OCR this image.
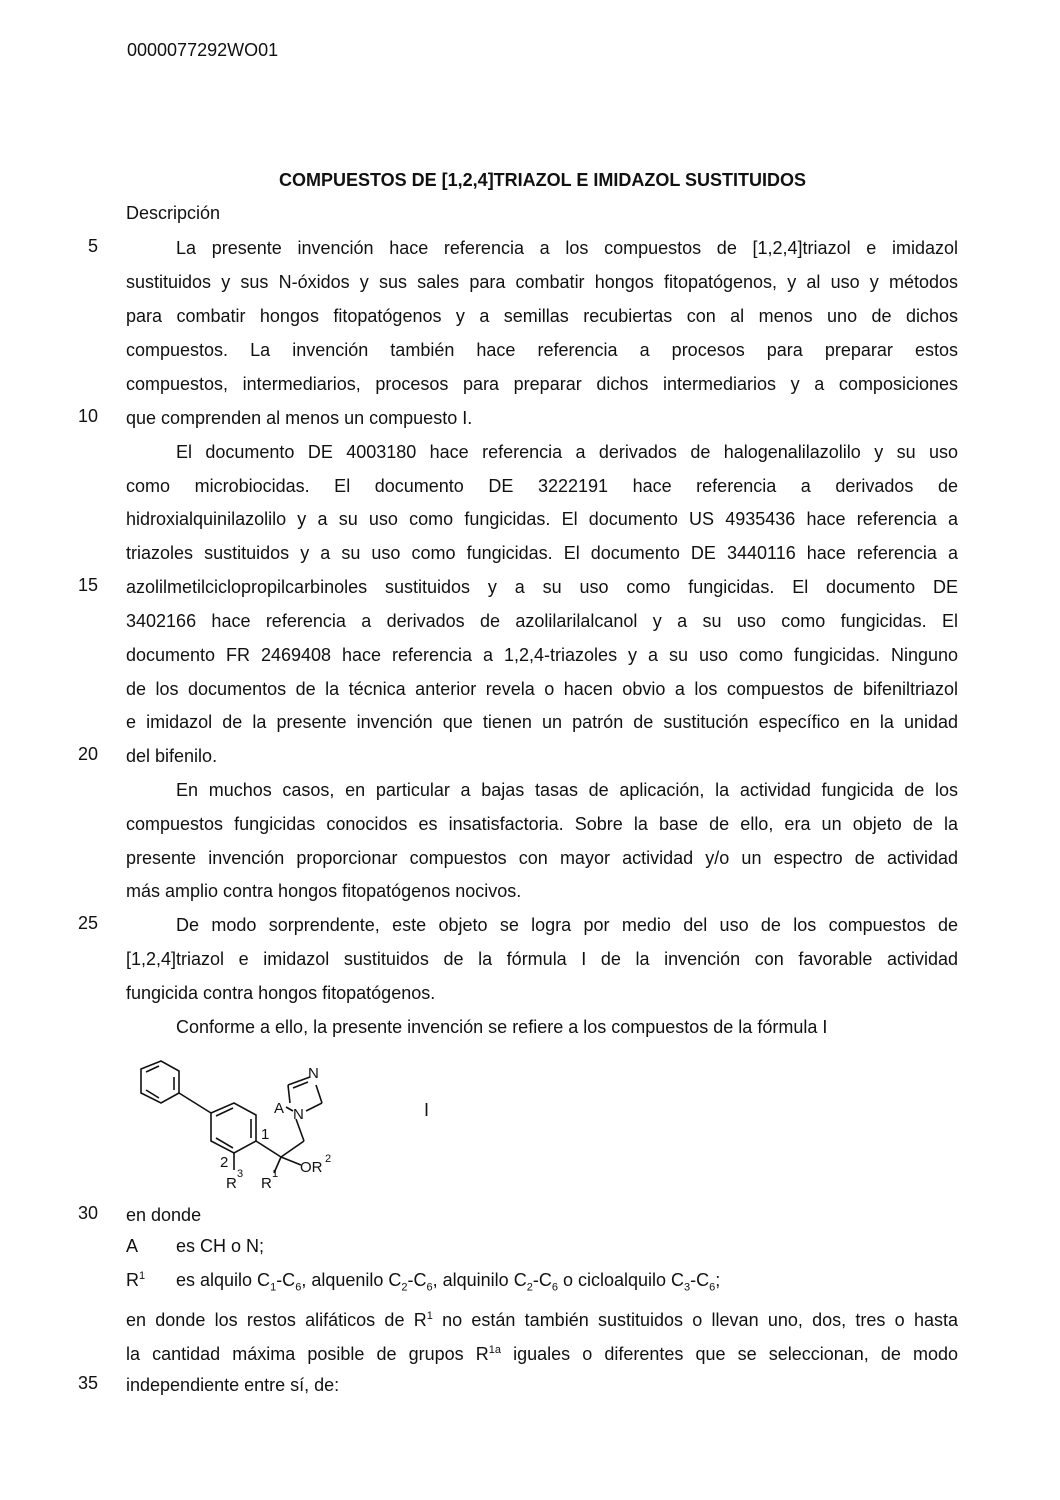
0000077292WO01
COMPUESTOS DE [1,2,4]TRIAZOL E IMIDAZOL SUSTITUIDOS
Descripción
5
10
15
20
25
30
35
La presente invención hace referencia a los compuestos de [1,2,4]triazol e imidazol
sustituidos y sus N-óxidos y sus sales para combatir hongos fitopatógenos, y al uso y métodos
para combatir hongos fitopatógenos y a semillas recubiertas con al menos uno de dichos
compuestos. La invención también hace referencia a procesos para preparar estos
compuestos, intermediarios, procesos para preparar dichos intermediarios y a composiciones
que comprenden al menos un compuesto I.
El documento DE 4003180 hace referencia a derivados de halogenalilazolilo y su uso
como microbiocidas. El documento DE 3222191 hace referencia a derivados de
hidroxialquinilazolilo y a su uso como fungicidas. El documento US 4935436 hace referencia a
triazoles sustituidos y a su uso como fungicidas. El documento DE 3440116 hace referencia a
azolilmetilciclopropilcarbinoles sustituidos y a su uso como fungicidas. El documento DE
3402166 hace referencia a derivados de azolilarilalcanol y a su uso como fungicidas. El
documento FR 2469408 hace referencia a 1,2,4-triazoles y a su uso como fungicidas. Ninguno
de los documentos de la técnica anterior revela o hacen obvio a los compuestos de bifeniltriazol
e imidazol de la presente invención que tienen un patrón de sustitución específico en la unidad
del bifenilo.
En muchos casos, en particular a bajas tasas de aplicación, la actividad fungicida de los
compuestos fungicidas conocidos es insatisfactoria. Sobre la base de ello, era un objeto de la
presente invención proporcionar compuestos con mayor actividad y/o un espectro de actividad
más amplio contra hongos fitopatógenos nocivos.
De modo sorprendente, este objeto se logra por medio del uso de los compuestos de
[1,2,4]triazol e imidazol sustituidos de la fórmula I de la invención con favorable actividad
fungicida contra hongos fitopatógenos.
Conforme a ello, la presente invención se refiere a los compuestos de la fórmula I
N
A N
1
2
R
3
R
1 OR 2
I
en donde
A es CH o N;
$R^1$ es alquilo $C_1-C_6$, alquenilo $C_2-C_6$, alquinilo $C_2-C_6$ o cicloalquilo $C_3-C_6$;
en donde los restos alifáticos de $R^1$ no están también sustituidos o llevan uno, dos, tres o hasta
la cantidad máxima posible de grupos $R^{1a}$ iguales o diferentes que se seleccionan, de modo
independiente entre sí, de:
